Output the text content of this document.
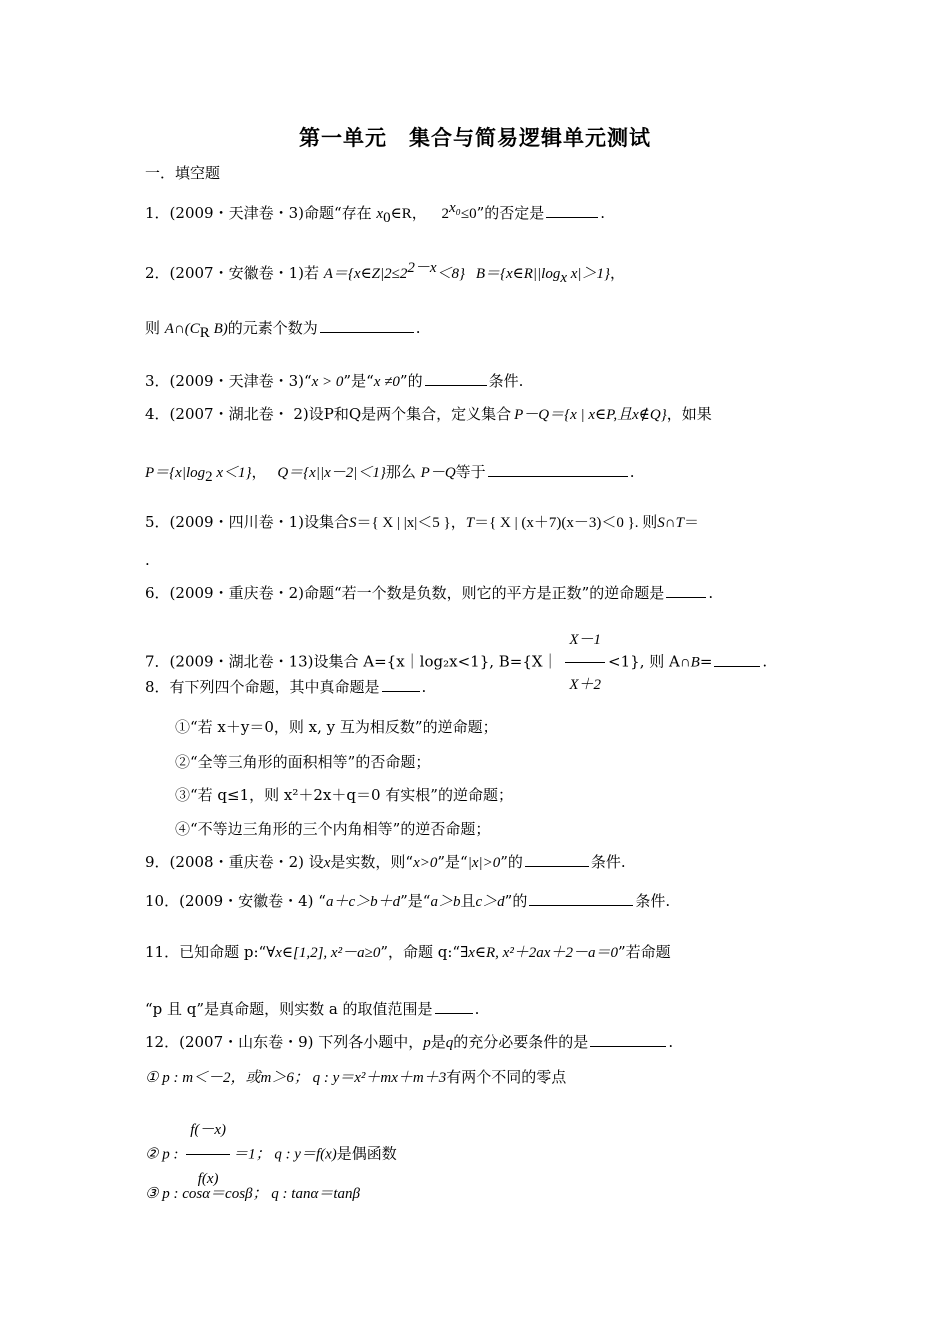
第一单元　集合与简易逻辑单元测试
一．填空题
1．(2009・天津卷・3)命题“存在 $x_0\in R$， $2^{x_0}\le 0$”的否定是	.
2．(2007・安徽卷・1)若 $A=\{x\in Z|2\le 2^{2-x}<8\}$ $B=\{x\in R||\log_x$ x|＞1}，
则 $A\cap(C_R$ B)的元素个数为	.
3．(2009・天津卷・3)“x > 0”是“x ≠0”的	条件.
4．(2007・湖北卷・ 2)设P和Q是两个集合，定义集合 P－Q＝{x | x∈P,且x∉Q}，如果
$P=\{x|\log_2$ x＜1}， Q＝{x||x－2|＜1}那么 P－Q等于	.
5．(2009・四川卷・1)设集合S＝{ X | |x|＜5 }，T＝{ X | (x＋7)(x－3)＜0 }. 则S∩T＝
.
6．(2009・重庆卷・2)命题“若一个数是负数，则它的平方是正数”的逆命题是	.
7．(2009・湖北卷・13)设集合 A={x｜log₂x<1}, B={X｜ $\frac{X-1}{X+2} <1$}, 则 A∩B=	.
8．有下列四个命题，其中真命题是	.
①“若 x＋y＝0，则 x, y 互为相反数”的逆命题；
②“全等三角形的面积相等”的否命题；
③“若 q≤1，则 x²＋2x＋q＝0 有实根”的逆命题；
④“不等边三角形的三个内角相等”的逆否命题；
9．(2008・重庆卷・2) 设x是实数，则“x>0”是“|x|>0”的	条件.
10．(2009・安徽卷・4) “a＋c＞b＋d”是“a＞b且c＞d”的	条件.
11．已知命题 p:“∀x∈[1,2], x²－a≥0”，命题 q:“∃x∈R, x²＋2ax＋2－a＝0”若命题
“p 且 q”是真命题，则实数 a 的取值范围是	.
12．(2007・山东卷・9) 下列各小题中，p是q的充分必要条件的是	.
① p : m＜－2，或m＞6； q : y＝x²＋mx＋m＋3有两个不同的零点
② p : $\frac{f(-x)}{f(x)} =1$； q : y＝f(x)是偶函数
③ p : cosα＝cosβ； q : tanα＝tanβ
